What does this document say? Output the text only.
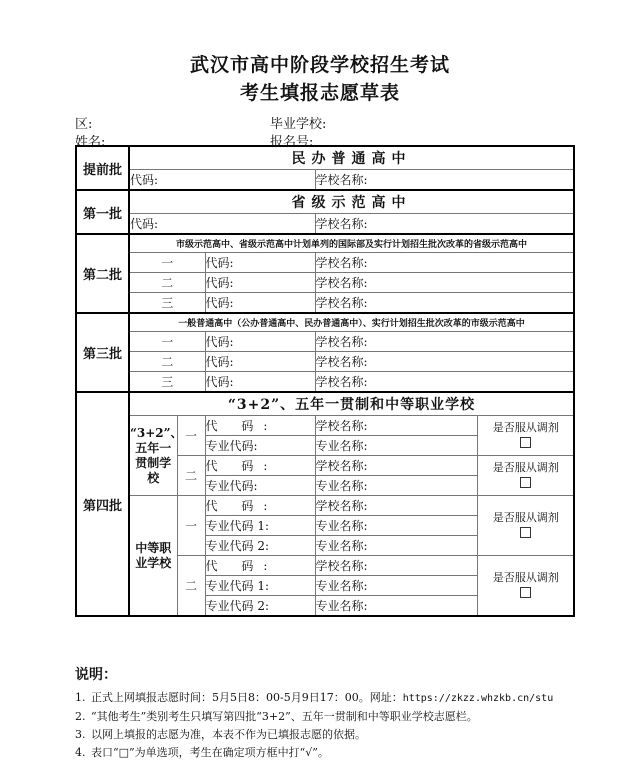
武汉市高中阶段学校招生考试
考生填报志愿草表
区:
姓名:
毕业学校:
报名号:
提前批	民办普通高中				
	代码:			学校名称:	
第一批	省级示范高中				
	代码:			学校名称:	
第二批	市级示范高中、省级示范高中计划单列的国际部及实行计划招生批次改革的省级示范高中				
	一		代码:	学校名称:	
	二		代码:	学校名称:	
	三		代码:	学校名称:	
第三批	一般普通高中（公办普通高中、民办普通高中）、实行计划招生批次改革的市级示范高中				
	一		代码:	学校名称:	
	二		代码:	学校名称:	
	三		代码:	学校名称:	
第四批	“3+2”、五年一贯制和中等职业学校				
	“3+2”、五年一贯制学校	一	代 码:	学校名称:	是否服从调剂

			专业代码:	专业名称:	
		二	代 码:	学校名称:	是否服从调剂

			专业代码:	专业名称:	
	中等职业学校	一	代 码:	学校名称:	是否服从调剂

			专业代码 1:	专业名称:	
			专业代码 2:	专业名称:	
		二	代 码:	学校名称:	是否服从调剂

			专业代码 1:	专业名称:	
			专业代码 2:	专业名称:	
说明：
1. 正式上网填报志愿时间：5月5日8：00-5月9日17：00。网址：https://zkzz.whzkb.cn/stu
2. “其他考生”类别考生只填写第四批“3+2”、五年一贯制和中等职业学校志愿栏。
3. 以网上填报的志愿为准，本表不作为已填报志愿的依据。
4. 表口“□”为单选项，考生在确定项方框中打“√”。
